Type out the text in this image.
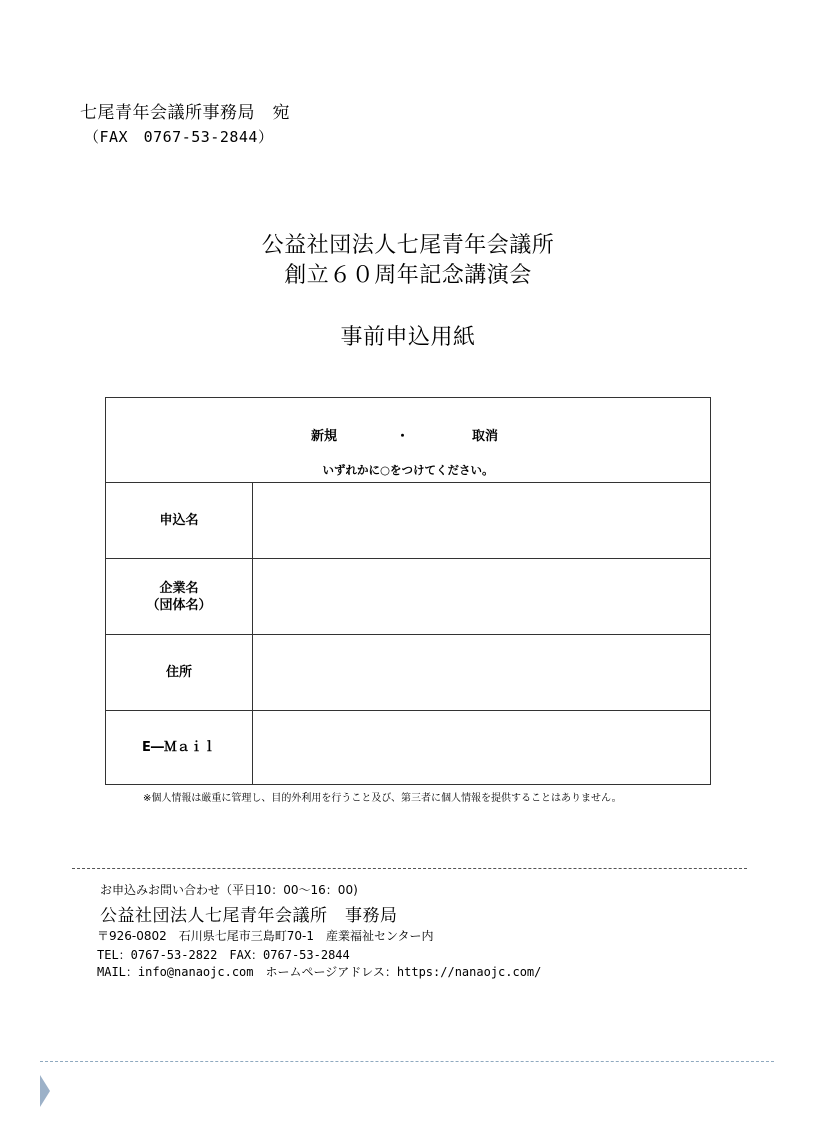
七尾青年会議所事務局　宛
（FAX　0767-53-2844）
公益社団法人七尾青年会議所
創立６０周年記念講演会
事前申込用紙
新規	・	取消
いずれかに○をつけてください。
申込名
企業名
（団体名）
住所
E―Ｍａｉｌ
※個人情報は厳重に管理し、目的外利用を行うこと及び、第三者に個人情報を提供することはありません。
お申込みお問い合わせ（平日10：00～16：00)
公益社団法人七尾青年会議所　事務局
〒926-0802　石川県七尾市三島町70-1　産業福祉センター内
TEL：0767-53-2822　FAX：0767-53-2844
MAIL：info@nanaojc.com　ホームページアドレス：https://nanaojc.com/
